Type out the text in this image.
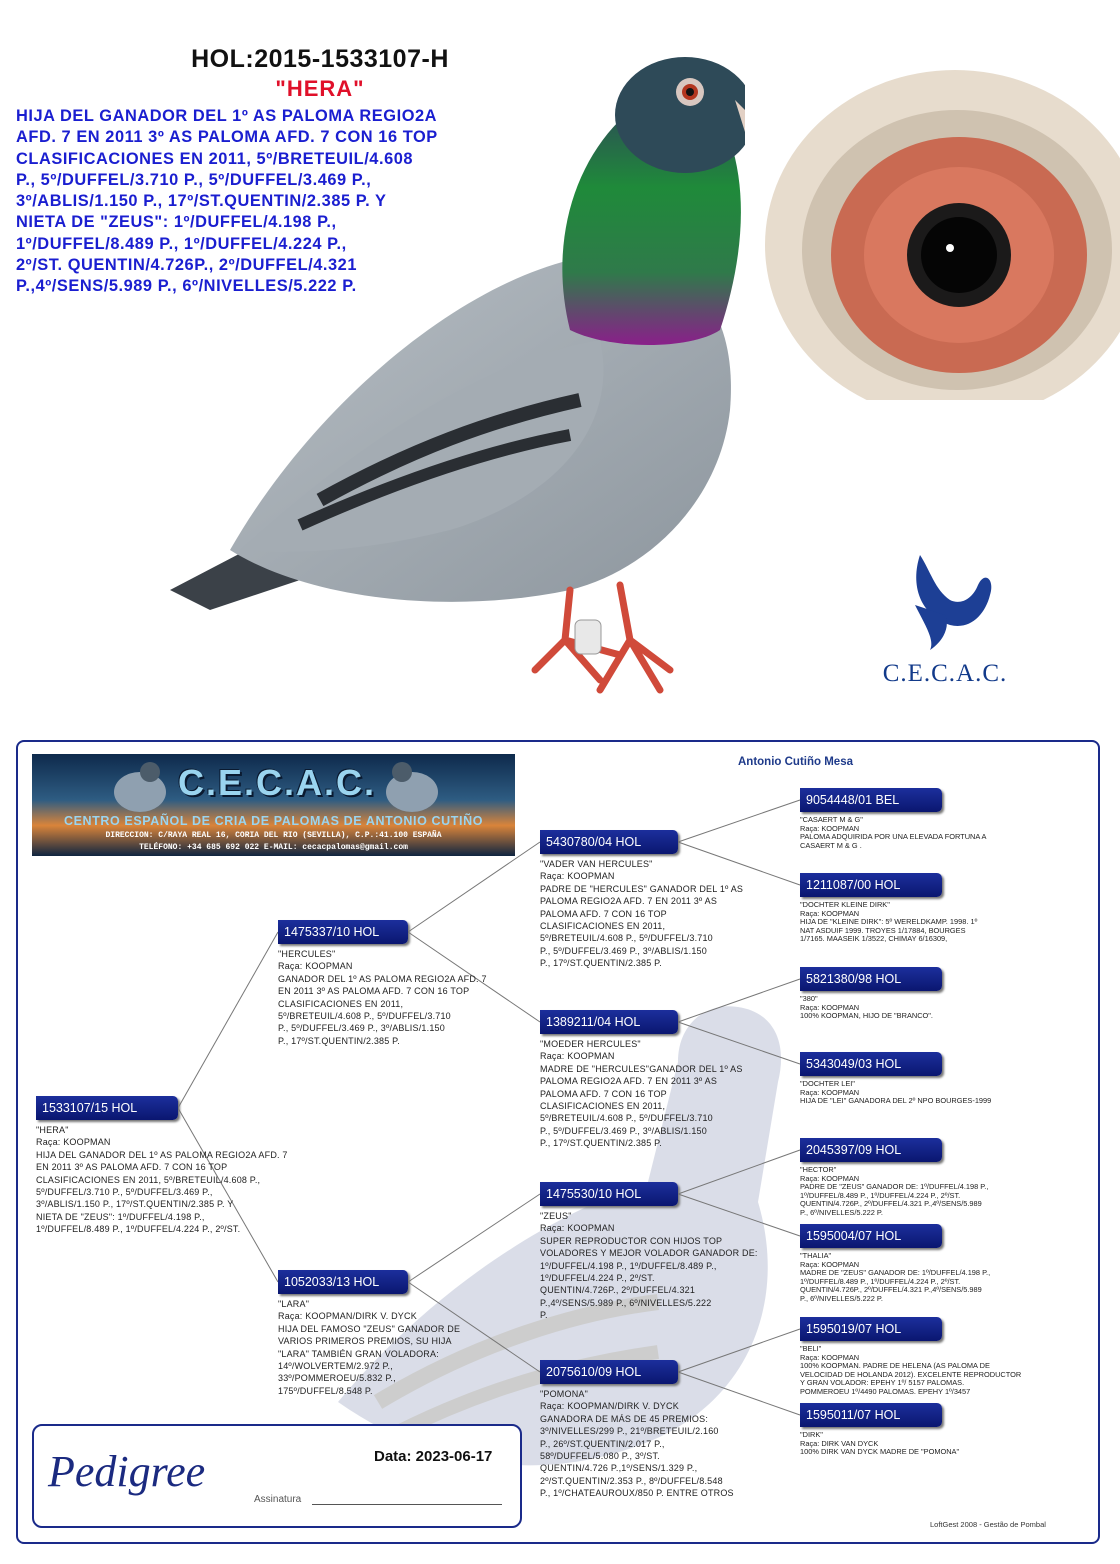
HOL:2015-1533107-H
"HERA"
HIJA DEL GANADOR DEL 1º AS PALOMA REGIO2A
AFD. 7 EN 2011 3º AS PALOMA AFD. 7 CON 16 TOP
CLASIFICACIONES EN 2011, 5º/BRETEUIL/4.608
P., 5º/DUFFEL/3.710 P., 5º/DUFFEL/3.469 P.,
3º/ABLIS/1.150 P., 17º/ST.QUENTIN/2.385 P. Y
NIETA DE "ZEUS": 1º/DUFFEL/4.198 P.,
1º/DUFFEL/8.489 P., 1º/DUFFEL/4.224 P.,
2º/ST. QUENTIN/4.726P., 2º/DUFFEL/4.321
P.,4º/SENS/5.989 P., 6º/NIVELLES/5.222 P.
C.E.C.A.C.
Antonio Cutiño Mesa
C.E.C.A.C.
CENTRO ESPAÑOL DE CRIA DE PALOMAS DE ANTONIO CUTIÑO
DIRECCION: C/RAYA REAL 16, CORIA DEL RIO (SEVILLA), C.P.:41.100 ESPAÑA
TELÉFONO: +34 685 692 022 E-MAIL: cecacpalomas@gmail.com
1533107/15 HOL
"HERA"
Raça: KOOPMAN
HIJA DEL GANADOR DEL 1º AS PALOMA REGIO2A AFD. 7
EN 2011 3º AS PALOMA AFD. 7 CON 16 TOP
CLASIFICACIONES EN 2011, 5º/BRETEUIL/4.608 P.,
5º/DUFFEL/3.710 P., 5º/DUFFEL/3.469 P.,
3º/ABLIS/1.150 P., 17º/ST.QUENTIN/2.385 P. Y
NIETA DE "ZEUS": 1º/DUFFEL/4.198 P.,
1º/DUFFEL/8.489 P., 1º/DUFFEL/4.224 P., 2º/ST.
1475337/10 HOL
"HERCULES"
Raça: KOOPMAN
GANADOR DEL 1º AS PALOMA REGIO2A AFD. 7
EN 2011 3º AS PALOMA AFD. 7 CON 16 TOP
CLASIFICACIONES EN 2011,
5º/BRETEUIL/4.608 P., 5º/DUFFEL/3.710
P., 5º/DUFFEL/3.469 P., 3º/ABLIS/1.150
P., 17º/ST.QUENTIN/2.385 P.
1052033/13 HOL
"LARA"
Raça: KOOPMAN/DIRK V. DYCK
HIJA DEL FAMOSO "ZEUS" GANADOR DE
VARIOS PRIMEROS PREMIOS, SU HIJA
"LARA" TAMBIÉN GRAN VOLADORA:
14º/WOLVERTEM/2.972 P.,
33º/POMMEROEU/5.832 P.,
175º/DUFFEL/8.548 P.
5430780/04 HOL
"VADER VAN HERCULES"
Raça: KOOPMAN
PADRE DE "HERCULES" GANADOR DEL 1º AS
PALOMA REGIO2A AFD. 7 EN 2011 3º AS
PALOMA AFD. 7 CON 16 TOP
CLASIFICACIONES EN 2011,
5º/BRETEUIL/4.608 P., 5º/DUFFEL/3.710
P., 5º/DUFFEL/3.469 P., 3º/ABLIS/1.150
P., 17º/ST.QUENTIN/2.385 P.
1389211/04 HOL
"MOEDER HERCULES"
Raça: KOOPMAN
MADRE DE "HERCULES"GANADOR DEL 1º AS
PALOMA REGIO2A AFD. 7 EN 2011 3º AS
PALOMA AFD. 7 CON 16 TOP
CLASIFICACIONES EN 2011,
5º/BRETEUIL/4.608 P., 5º/DUFFEL/3.710
P., 5º/DUFFEL/3.469 P., 3º/ABLIS/1.150
P., 17º/ST.QUENTIN/2.385 P.
1475530/10 HOL
"ZEUS"
Raça: KOOPMAN
SUPER REPRODUCTOR CON HIJOS TOP
VOLADORES Y MEJOR VOLADOR GANADOR DE:
1º/DUFFEL/4.198 P., 1º/DUFFEL/8.489 P.,
1º/DUFFEL/4.224 P., 2º/ST.
QUENTIN/4.726P., 2º/DUFFEL/4.321
P.,4º/SENS/5.989 P., 6º/NIVELLES/5.222
P.
2075610/09 HOL
"POMONA"
Raça: KOOPMAN/DIRK V. DYCK
GANADORA DE MÁS DE 45 PREMIOS:
3º/NIVELLES/299 P., 21º/BRETEUIL/2.160
P., 26º/ST.QUENTIN/2.017 P.,
58º/DUFFEL/5.080 P., 3º/ST.
QUENTIN/4.726 P.,1º/SENS/1.329 P.,
2º/ST.QUENTIN/2.353 P., 8º/DUFFEL/8.548
P., 1º/CHATEAUROUX/850 P. ENTRE OTROS
9054448/01 BEL
"CASAERT M & G"
Raça: KOOPMAN
PALOMA ADQUIRIDA POR UNA ELEVADA FORTUNA A
CASAERT M & G .
1211087/00 HOL
"DOCHTER KLEINE DIRK"
Raça: KOOPMAN
HIJA DE "KLEINE DIRK": 5º WERELDKAMP. 1998. 1º
NAT ASDUIF 1999. TROYES 1/17884, BOURGES
1/7165. MAASEIK 1/3522, CHIMAY 6/16309,
5821380/98 HOL
"380"
Raça: KOOPMAN
100% KOOPMAN, HIJO DE "BRANCO".
5343049/03 HOL
"DOCHTER LEI"
Raça: KOOPMAN
HIJA DE "LEI" GANADORA DEL 2º NPO BOURGES-1999
2045397/09 HOL
"HECTOR"
Raça: KOOPMAN
PADRE DE "ZEUS" GANADOR DE: 1º/DUFFEL/4.198 P.,
1º/DUFFEL/8.489 P., 1º/DUFFEL/4.224 P., 2º/ST.
QUENTIN/4.726P., 2º/DUFFEL/4.321 P.,4º/SENS/5.989
P., 6º/NIVELLES/5.222 P.
1595004/07 HOL
"THALIA"
Raça: KOOPMAN
MADRE DE "ZEUS" GANADOR DE: 1º/DUFFEL/4.198 P.,
1º/DUFFEL/8.489 P., 1º/DUFFEL/4.224 P., 2º/ST.
QUENTIN/4.726P., 2º/DUFFEL/4.321 P.,4º/SENS/5.989
P., 6º/NIVELLES/5.222 P.
1595019/07 HOL
"BELI"
Raça: KOOPMAN
100% KOOPMAN. PADRE DE HELENA (AS PALOMA DE
VELOCIDAD DE HOLANDA 2012). EXCELENTE REPRODUCTOR
Y GRAN VOLADOR: EPEHY 1º/ 5157 PALOMAS.
POMMEROEU 1º/4490 PALOMAS. EPEHY 1º/3457
1595011/07 HOL
"DIRK"
Raça: DIRK VAN DYCK
100% DIRK VAN DYCK MADRE DE "POMONA"
Pedigree	Data: 2023-06-17
Assinatura
LoftGest 2008 - Gestão de Pombal
